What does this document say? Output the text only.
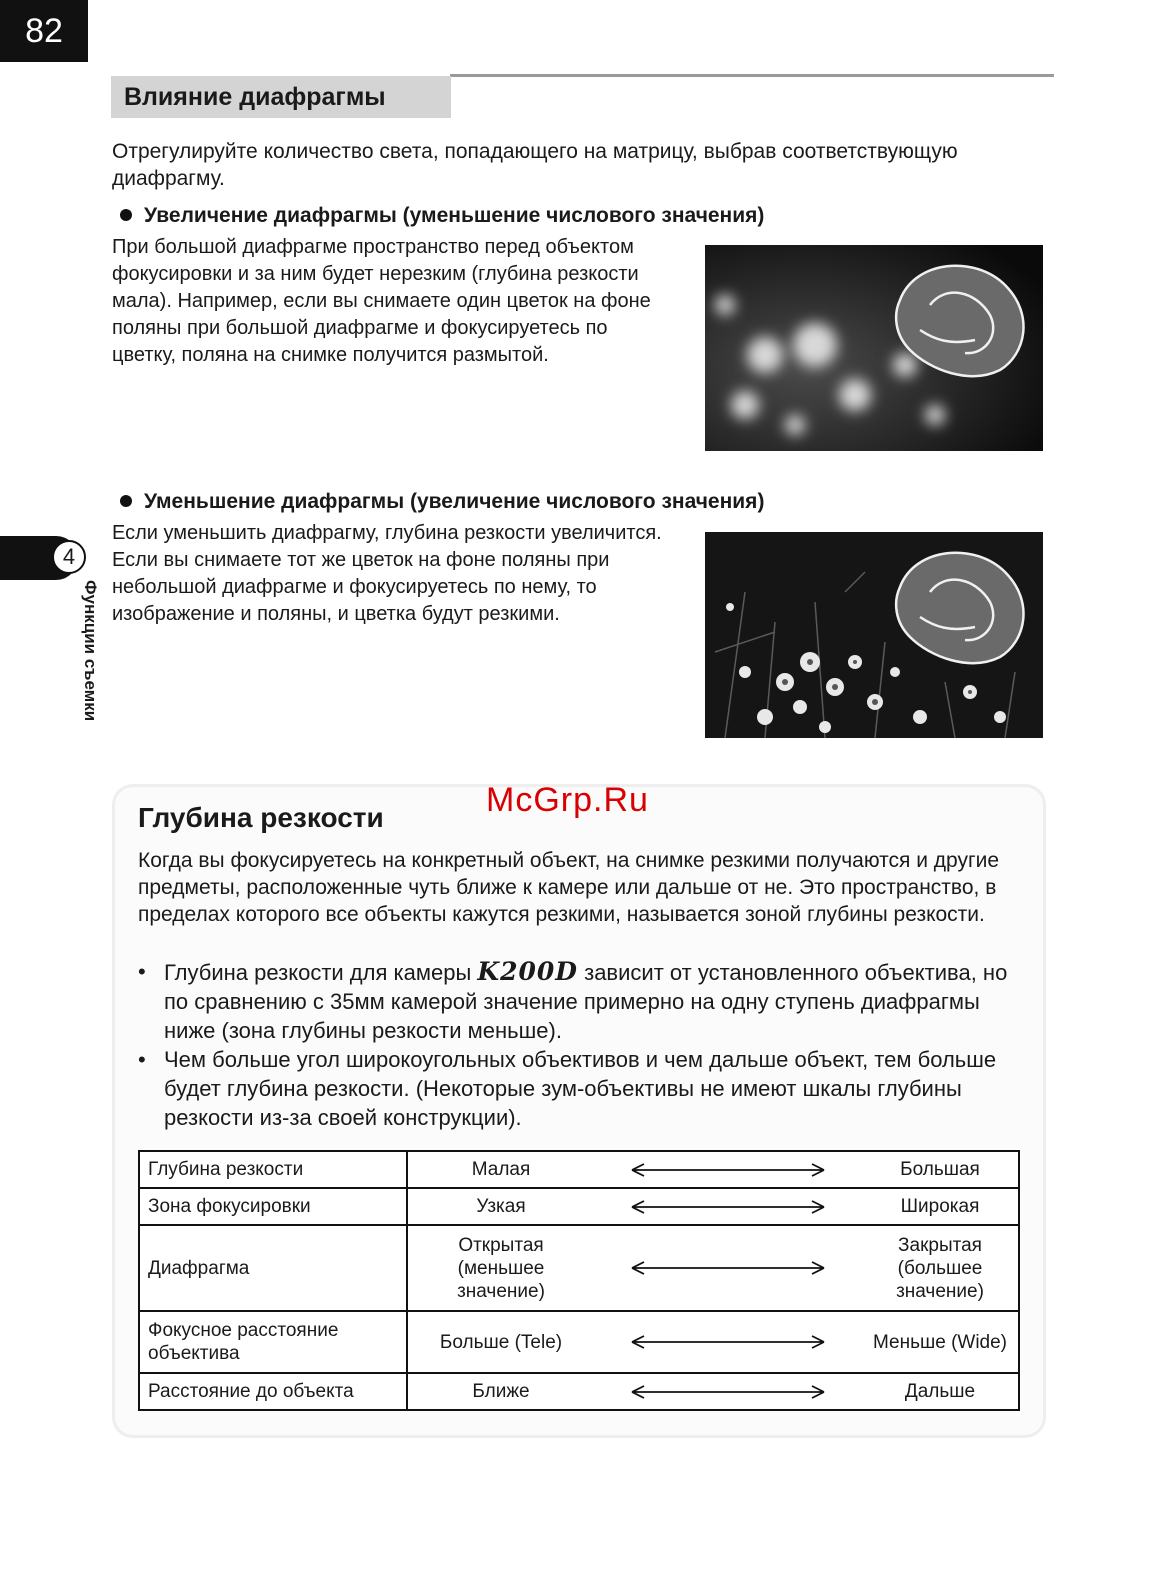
82
Влияние диафрагмы
4
Функции съемки
Отрегулируйте количество света, попадающего на матрицу, выбрав соответствующую диафрагму.
Увеличение диафрагмы (уменьшение числового значения)
При большой диафрагме пространство перед объектом фокусировки и за ним будет нерезким (глубина резкости мала). Например, если вы снимаете один цветок на фоне поляны при большой диафрагме и фокусируетесь по цветку, поляна на снимке получится размытой.
Уменьшение диафрагмы (увеличение числового значения)
Если уменьшить диафрагму, глубина резкости увеличится. Если вы снимаете тот же цветок на фоне поляны при небольшой диафрагме и фокусируетесь по нему, то изображение и поляны, и цветка будут резкими.
Глубина резкости	McGrp.Ru
Когда вы фокусируетесь на конкретный объект, на снимке резкими получаются и другие предметы, расположенные чуть ближе к камере или дальше от не. Это пространство, в пределах которого все объекты кажутся резкими, называется зоной глубины резкости.
• Глубина резкости для камеры K200D зависит от установленного объектива, но по сравнению с 35мм камерой значение примерно на одну ступень диафрагмы ниже (зона глубины резкости меньше).
• Чем больше угол широкоугольных объективов и чем дальше объект, тем больше будет глубина резкости. (Некоторые зум-объективы не имеют шкалы глубины резкости из-за своей конструкции).
Глубина резкости	Малая		Большая
Зона фокусировки	Узкая		Широкая
Диафрагма	Открытая (меньшее значение)		Закрытая (большее значение)
Фокусное расстояние объектива	Больше (Tele)		Меньше (Wide)
Расстояние до объекта	Ближе		Дальше
